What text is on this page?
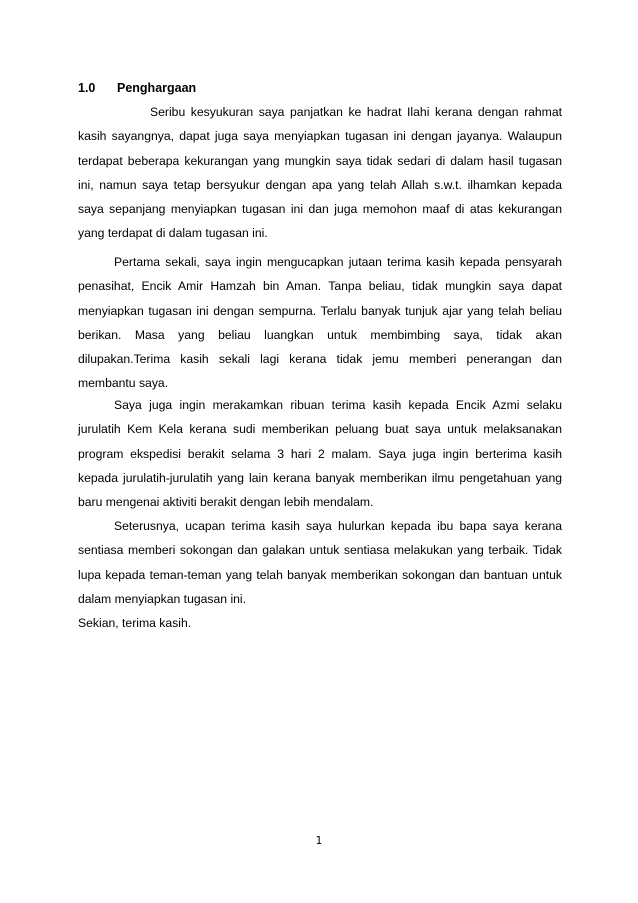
1.0 Penghargaan

Seribu kesyukuran saya panjatkan ke hadrat Ilahi kerana dengan rahmat kasih sayangnya, dapat juga saya menyiapkan tugasan ini dengan jayanya. Walaupun terdapat beberapa kekurangan yang mungkin saya tidak sedari di dalam hasil tugasan ini, namun saya tetap bersyukur dengan apa yang telah Allah s.w.t. ilhamkan kepada saya sepanjang menyiapkan tugasan ini dan juga memohon maaf di atas kekurangan yang terdapat di dalam tugasan ini.

Pertama sekali, saya ingin mengucapkan jutaan terima kasih kepada pensyarah penasihat, Encik Amir Hamzah bin Aman. Tanpa beliau, tidak mungkin saya dapat menyiapkan tugasan ini dengan sempurna. Terlalu banyak tunjuk ajar yang telah beliau berikan. Masa yang beliau luangkan untuk membimbing saya, tidak akan dilupakan.Terima kasih sekali lagi kerana tidak jemu memberi penerangan dan membantu saya.

Saya juga ingin merakamkan ribuan terima kasih kepada Encik Azmi selaku jurulatih Kem Kela kerana sudi memberikan peluang buat saya untuk melaksanakan program ekspedisi berakit selama 3 hari 2 malam. Saya juga ingin berterima kasih kepada jurulatih-jurulatih yang lain kerana banyak memberikan ilmu pengetahuan yang baru mengenai aktiviti berakit dengan lebih mendalam.

Seterusnya, ucapan terima kasih saya hulurkan kepada ibu bapa saya kerana sentiasa memberi sokongan dan galakan untuk sentiasa melakukan yang terbaik. Tidak lupa kepada teman-teman yang telah banyak memberikan sokongan dan bantuan untuk dalam menyiapkan tugasan ini.

Sekian, terima kasih.

1
